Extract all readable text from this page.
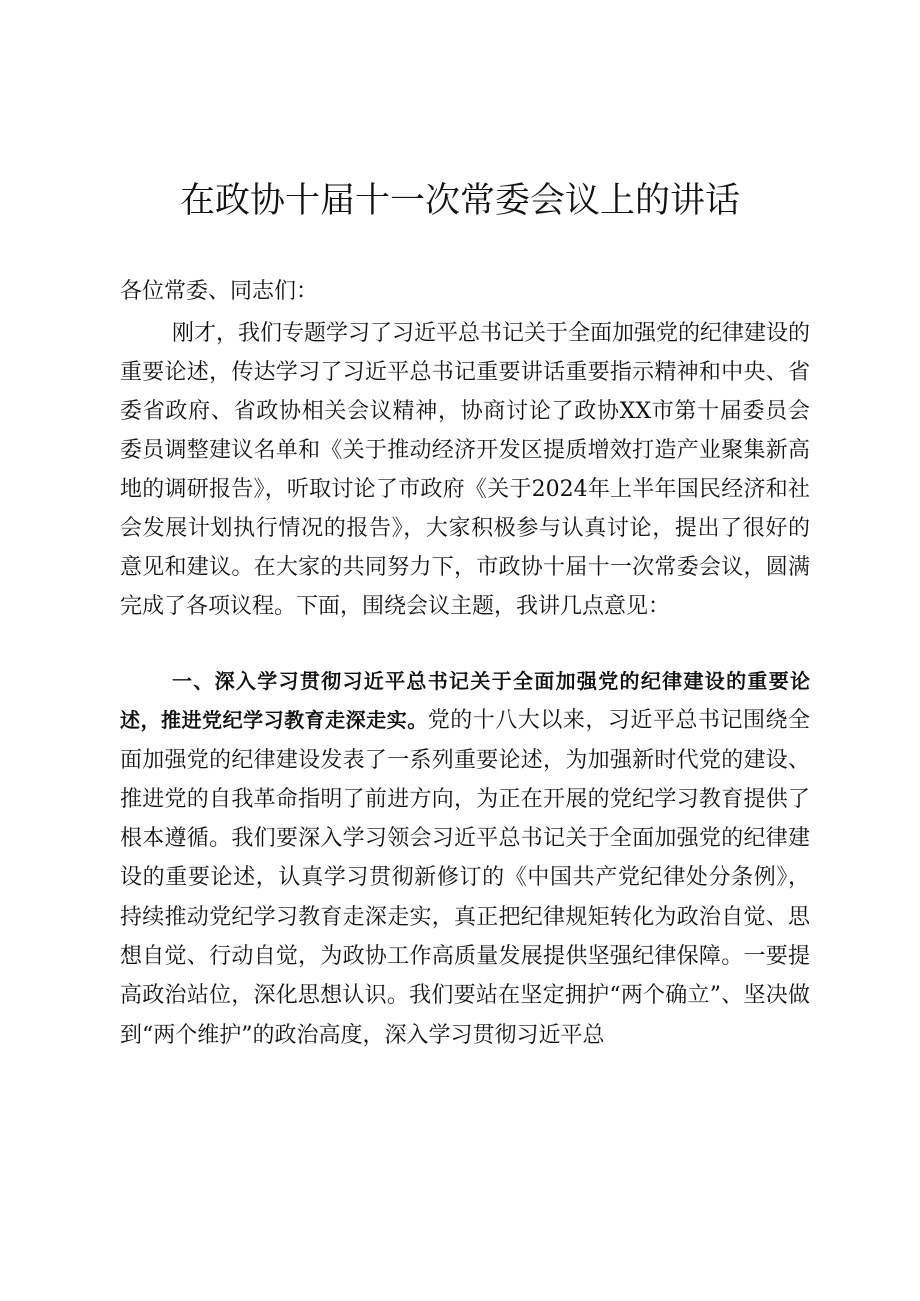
在政协十届十一次常委会议上的讲话
各位常委、同志们：

刚才，我们专题学习了习近平总书记关于全面加强党的纪律建设的重要论述，传达学习了习近平总书记重要讲话重要指示精神和中央、省委省政府、省政协相关会议精神，协商讨论了政协XX市第十届委员会委员调整建议名单和《关于推动经济开发区提质增效打造产业聚集新高地的调研报告》，听取讨论了市政府《关于2024年上半年国民经济和社会发展计划执行情况的报告》，大家积极参与认真讨论，提出了很好的意见和建议。在大家的共同努力下，市政协十届十一次常委会议，圆满完成了各项议程。下面，围绕会议主题，我讲几点意见：

一、深入学习贯彻习近平总书记关于全面加强党的纪律建设的重要论述，推进党纪学习教育走深走实。党的十八大以来，习近平总书记围绕全面加强党的纪律建设发表了一系列重要论述，为加强新时代党的建设、推进党的自我革命指明了前进方向，为正在开展的党纪学习教育提供了根本遵循。我们要深入学习领会习近平总书记关于全面加强党的纪律建设的重要论述，认真学习贯彻新修订的《中国共产党纪律处分条例》，持续推动党纪学习教育走深走实，真正把纪律规矩转化为政治自觉、思想自觉、行动自觉，为政协工作高质量发展提供坚强纪律保障。一要提高政治站位，深化思想认识。我们要站在坚定拥护“两个确立”、坚决做到“两个维护”的政治高度，深入学习贯彻习近平总
